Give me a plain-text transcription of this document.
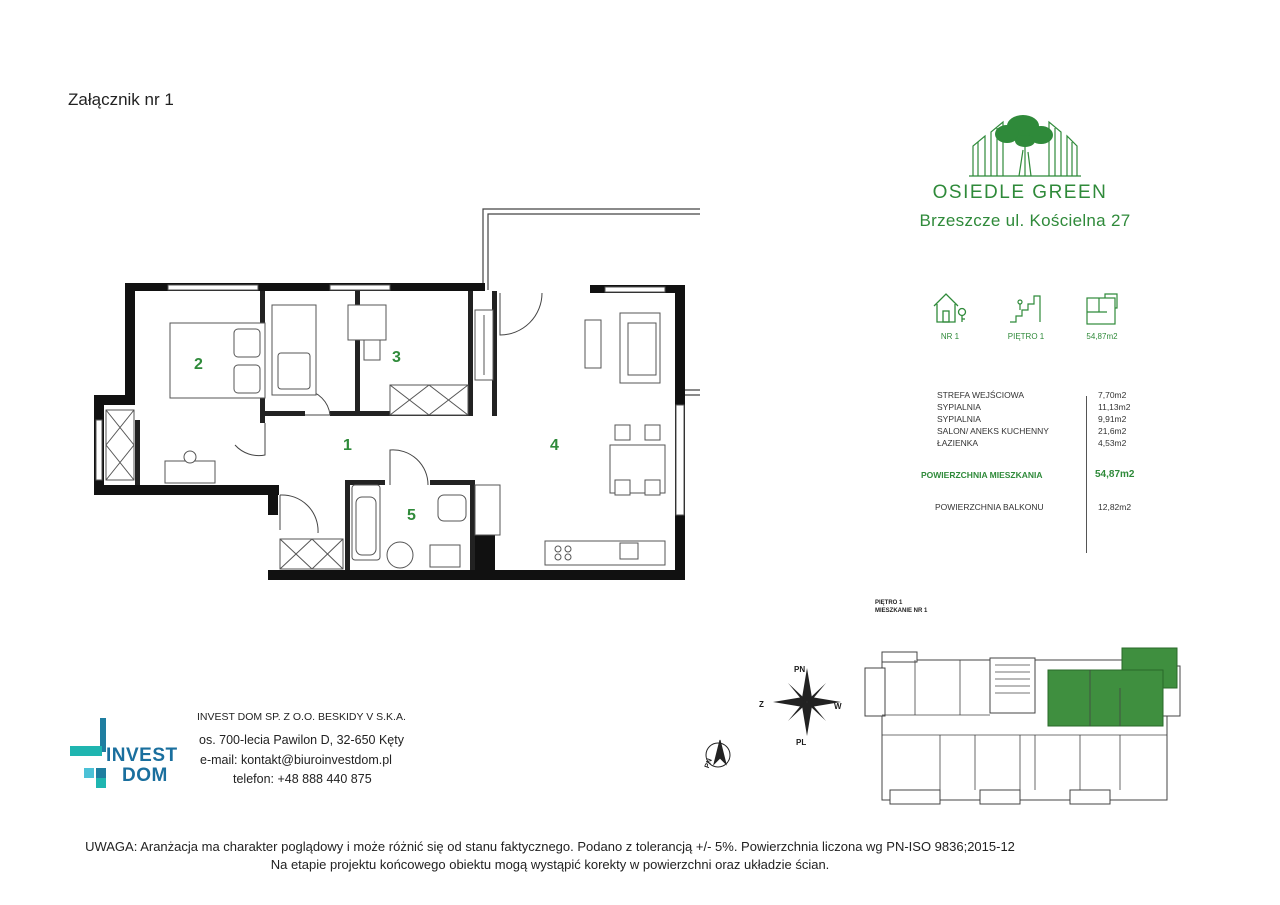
Załącznik nr 1
OSIEDLE GREEN
Brzeszcze ul. Kościelna 27
NR 1	PIĘTRO 1	54,87m2
STREFA WEJŚCIOWA	7,70m2
SYPIALNIA	11,13m2
SYPIALNIA	9,91m2
SALON/ ANEKS KUCHENNY	21,6m2
ŁAZIENKA	4,53m2
POWIERZCHNIA MIESZKANIA	54,87m2
POWIERZCHNIA BALKONU	12,82m2
2	3
1	4
5
PIĘTRO 1
MIESZKANIE NR 1
PN
PL
Z	W
PN
INVEST
DOM
INVEST DOM SP. Z O.O. BESKIDY V S.K.A.
os. 700-lecia Pawilon D, 32-650 Kęty
e-mail: kontakt@biuroinvestdom.pl
telefon: +48 888 440 875
UWAGA: Aranżacja ma charakter poglądowy i może różnić się od stanu faktycznego. Podano z tolerancją +/- 5%. Powierzchnia liczona wg PN-ISO 9836;2015-12
Na etapie projektu końcowego obiektu mogą wystąpić korekty w powierzchni oraz układzie ścian.
